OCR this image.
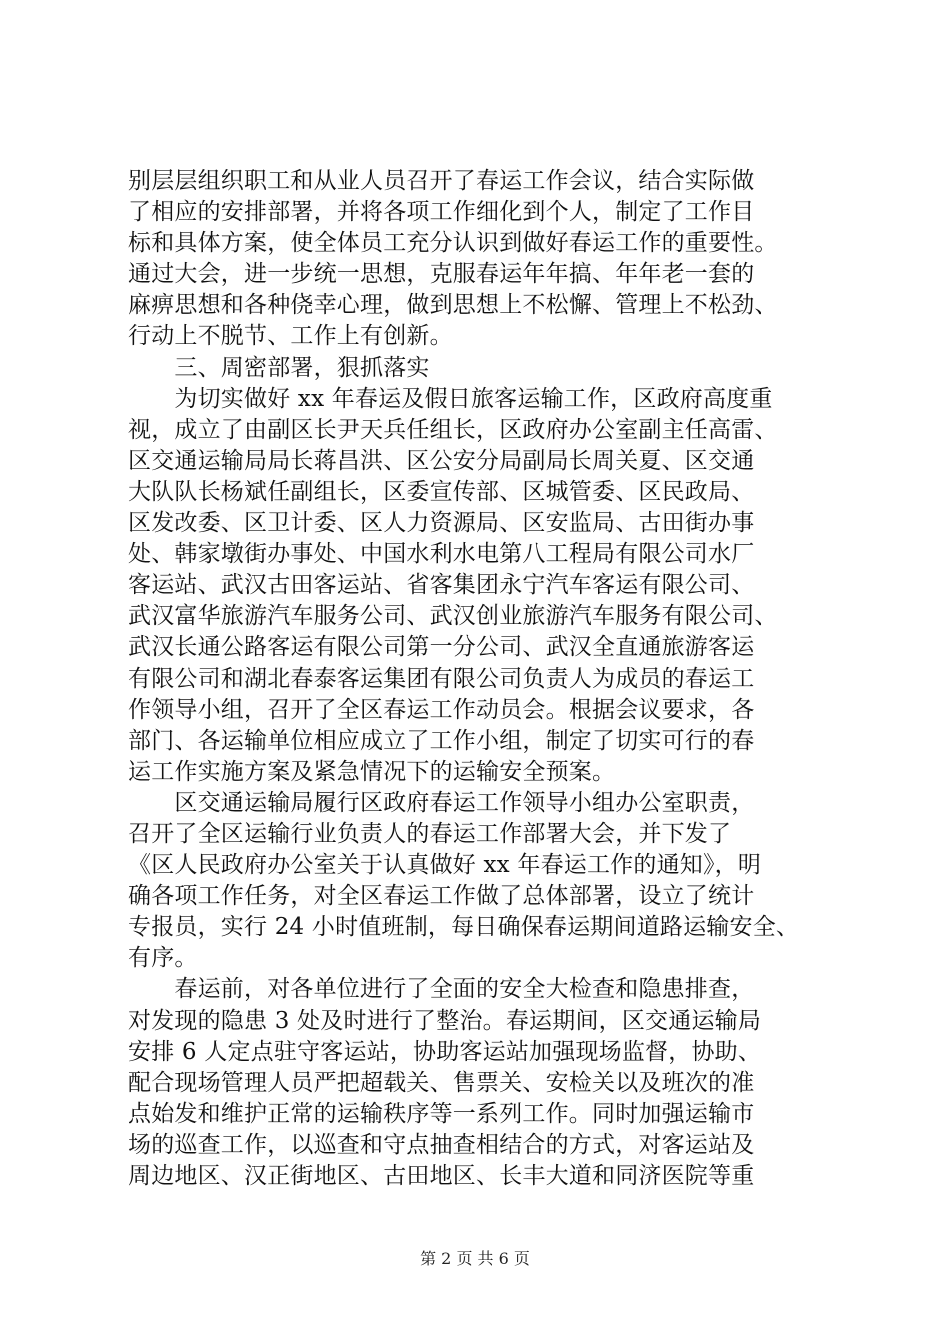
别层层组织职工和从业人员召开了春运工作会议，结合实际做
了相应的安排部署，并将各项工作细化到个人，制定了工作目
标和具体方案，使全体员工充分认识到做好春运工作的重要性。
通过大会，进一步统一思想，克服春运年年搞、年年老一套的
麻痹思想和各种侥幸心理，做到思想上不松懈、管理上不松劲、
行动上不脱节、工作上有创新。
　　三、周密部署，狠抓落实
　　为切实做好 xx 年春运及假日旅客运输工作，区政府高度重
视，成立了由副区长尹天兵任组长，区政府办公室副主任高雷、
区交通运输局局长蒋昌洪、区公安分局副局长周关夏、区交通
大队队长杨斌任副组长，区委宣传部、区城管委、区民政局、
区发改委、区卫计委、区人力资源局、区安监局、古田街办事
处、韩家墩街办事处、中国水利水电第八工程局有限公司水厂
客运站、武汉古田客运站、省客集团永宁汽车客运有限公司、
武汉富华旅游汽车服务公司、武汉创业旅游汽车服务有限公司、
武汉长通公路客运有限公司第一分公司、武汉全直通旅游客运
有限公司和湖北春泰客运集团有限公司负责人为成员的春运工
作领导小组，召开了全区春运工作动员会。根据会议要求，各
部门、各运输单位相应成立了工作小组，制定了切实可行的春
运工作实施方案及紧急情况下的运输安全预案。
　　区交通运输局履行区政府春运工作领导小组办公室职责，
召开了全区运输行业负责人的春运工作部署大会，并下发了
《区人民政府办公室关于认真做好 xx 年春运工作的通知》，明
确各项工作任务，对全区春运工作做了总体部署，设立了统计
专报员，实行 24 小时值班制，每日确保春运期间道路运输安全、
有序。
　　春运前，对各单位进行了全面的安全大检查和隐患排查，
对发现的隐患 3 处及时进行了整治。春运期间，区交通运输局
安排 6 人定点驻守客运站，协助客运站加强现场监督，协助、
配合现场管理人员严把超载关、售票关、安检关以及班次的准
点始发和维护正常的运输秩序等一系列工作。同时加强运输市
场的巡查工作，以巡查和守点抽查相结合的方式，对客运站及
周边地区、汉正街地区、古田地区、长丰大道和同济医院等重
第 2 页 共 6 页
